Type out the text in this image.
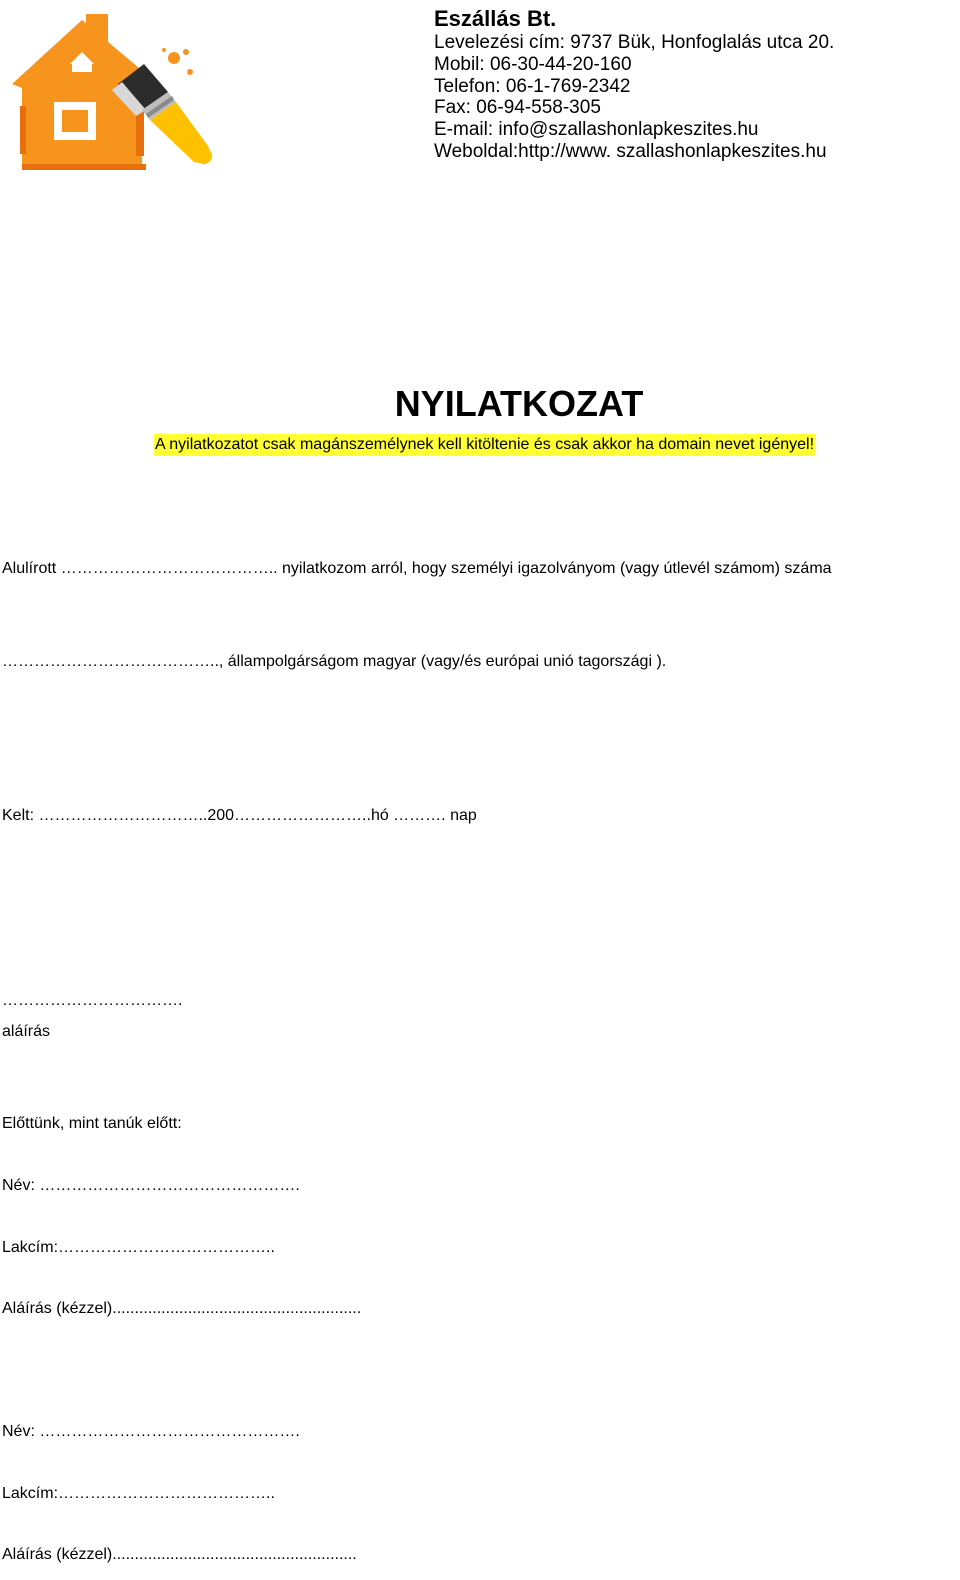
Eszállás Bt.
Levelezési cím: 9737 Bük, Honfoglalás utca 20.
Mobil: 06-30-44-20-160
Telefon: 06-1-769-2342
Fax: 06-94-558-305
E-mail: info@szallashonlapkeszites.hu
Weboldal:http://www. szallashonlapkeszites.hu
NYILATKOZAT
A nyilatkozatot csak magánszemélynek kell kitöltenie és csak akkor ha domain nevet igényel!
Alulírott ………………………………….. nyilatkozom arról, hogy személyi igazolványom (vagy útlevél számom) száma
………………………………….., állampolgárságom magyar (vagy/és európai unió tagországi ).
Kelt: …………………………..200……………………..hó ………. nap
…………………………….
aláírás
Előttünk, mint tanúk előtt:
Név: ………………………………………….
Lakcím:…………………………………..
Aláírás (kézzel)........................................................
Név: ………………………………………….
Lakcím:…………………………………..
Aláírás (kézzel).......................................................
